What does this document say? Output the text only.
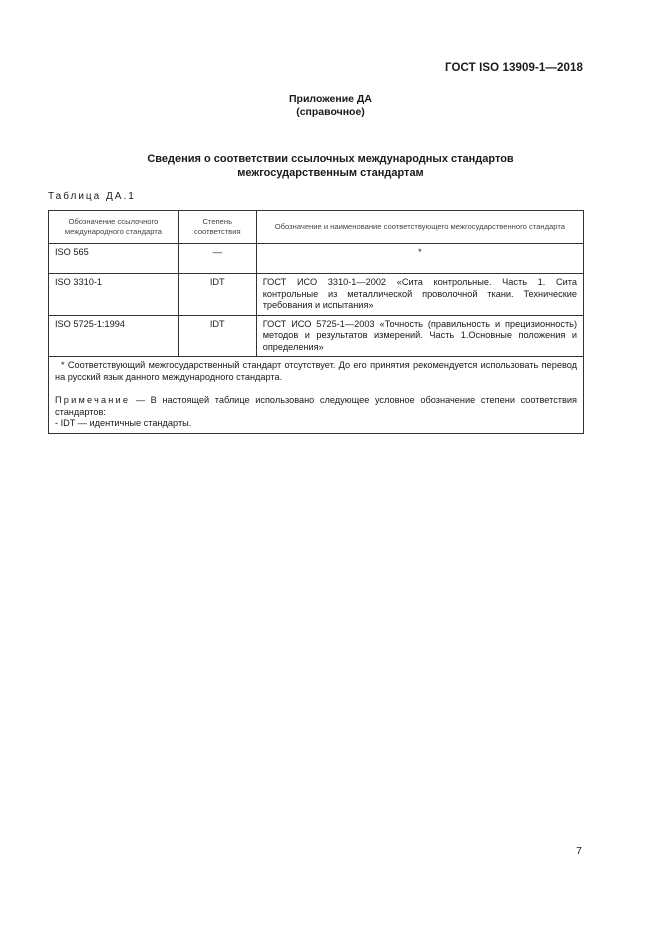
ГОСТ ISO 13909-1—2018
Приложение ДА
(справочное)
Сведения о соответствии ссылочных международных стандартов
межгосударственным стандартам
Таблица ДА.1
Обозначение ссылочного международного стандарта	Степень соответствия	Обозначение и наименование соответствующего межгосударственного стандарта
ISO 565	—	*
ISO 3310-1	IDT	ГОСТ ИСО 3310-1—2002 «Сита контрольные. Часть 1. Сита контрольные из металлической проволочной ткани. Технические требования и испытания»
ISO 5725-1:1994	IDT	ГОСТ ИСО 5725-1—2003 «Точность (правильность и прецизионность) методов и результатов измерений. Часть 1.Основные положения и определения»

* Соответствующий межгосударственный стандарт отсутствует. До его принятия рекомендуется использовать перевод на русский язык данного международного стандарта.

Примечание — В настоящей таблице использовано следующее условное обозначение степени соответствия стандартов:
- IDT — идентичные стандарты.		

7
